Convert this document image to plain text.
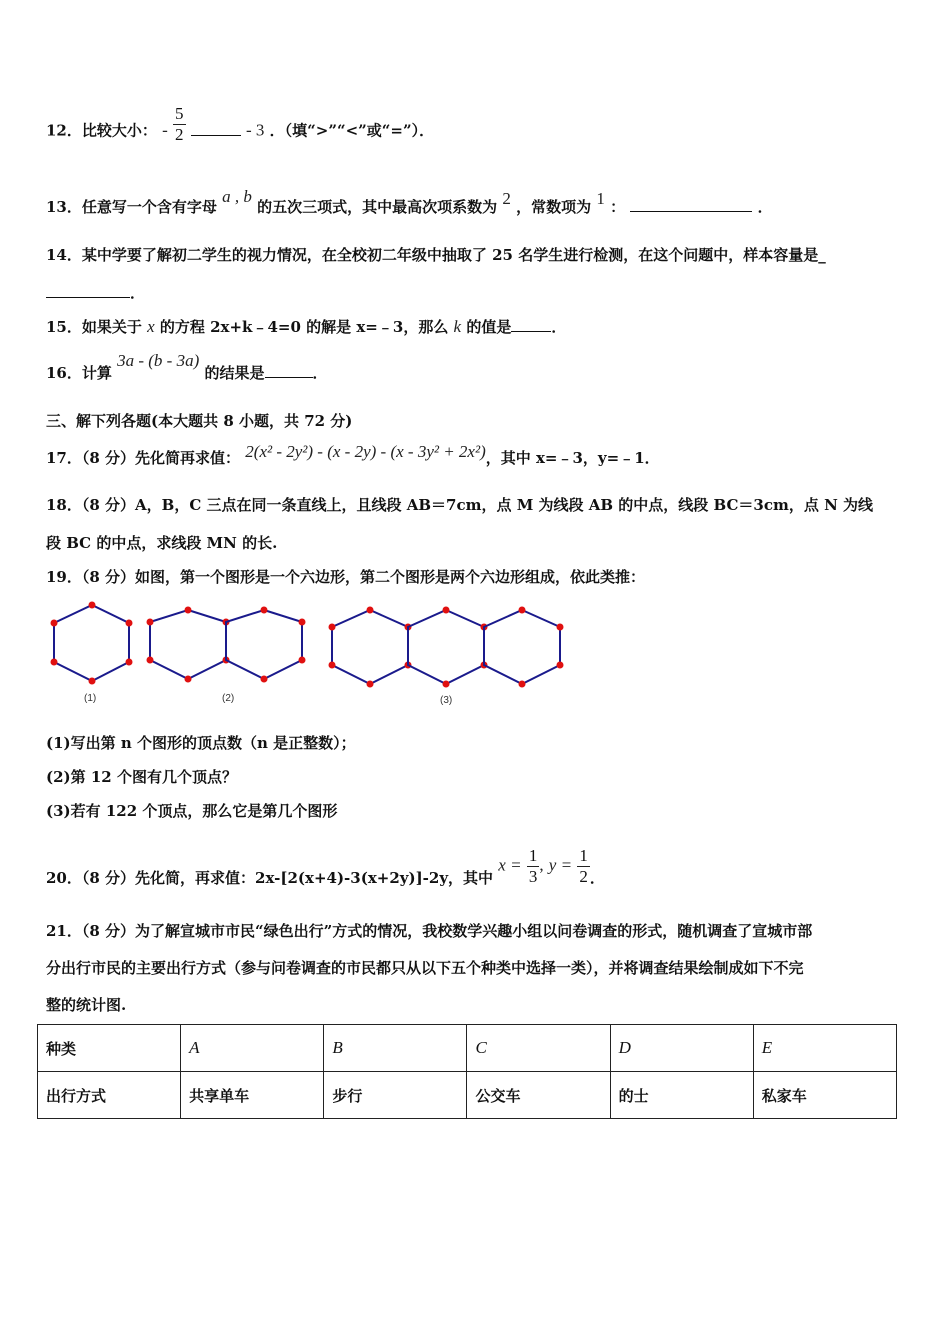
12．比较大小： - $\frac{5}{2}$	- 3 ．（填“>”“<”或“=”）．
13．任意写一个含有字母 a , b 的五次三项式，其中最高次项系数为 2 ，常数项为 1 ：	．
14．某中学要了解初二学生的视力情况，在全校初二年级中抽取了 25 名学生进行检测，在这个问题中，样本容量是_
．
15．如果关于 x 的方程 2x+k﹣4=0 的解是 x=﹣3，那么 k 的值是	．
16．计算 3a - (b - 3a) 的结果是	．
三、解下列各题(本大题共 8 小题，共 72 分)
17．（8 分）先化简再求值： 2(x² - 2y²) - (x - 2y) - (x - 3y² + 2x²)，其中 x=﹣3，y=﹣1．
18．（8 分）A，B，C 三点在同一条直线上，且线段 AB＝7cm，点 M 为线段 AB 的中点，线段 BC＝3cm，点 N 为线
段 BC 的中点，求线段 MN 的长.
19．（8 分）如图，第一个图形是一个六边形，第二个图形是两个六边形组成，依此类推：
(1)	(2)	(3)
(1)写出第 n 个图形的顶点数（n 是正整数）；
(2)第 12 个图有几个顶点？
(3)若有 122 个顶点，那么它是第几个图形
20．（8 分）先化简，再求值：2x-[2(x+4)-3(x+2y)]-2y，其中 $x = \frac{1}{3}$ , $y = \frac{1}{2}$ ．
21．（8 分）为了解宣城市市民“绿色出行”方式的情况，我校数学兴趣小组以问卷调查的形式，随机调查了宣城市部
分出行市民的主要出行方式（参与问卷调查的市民都只从以下五个种类中选择一类），并将调查结果绘制成如下不完
整的统计图.
种类	A	B	C	D	E
出行方式	共享单车	步行	公交车	的士	私家车
